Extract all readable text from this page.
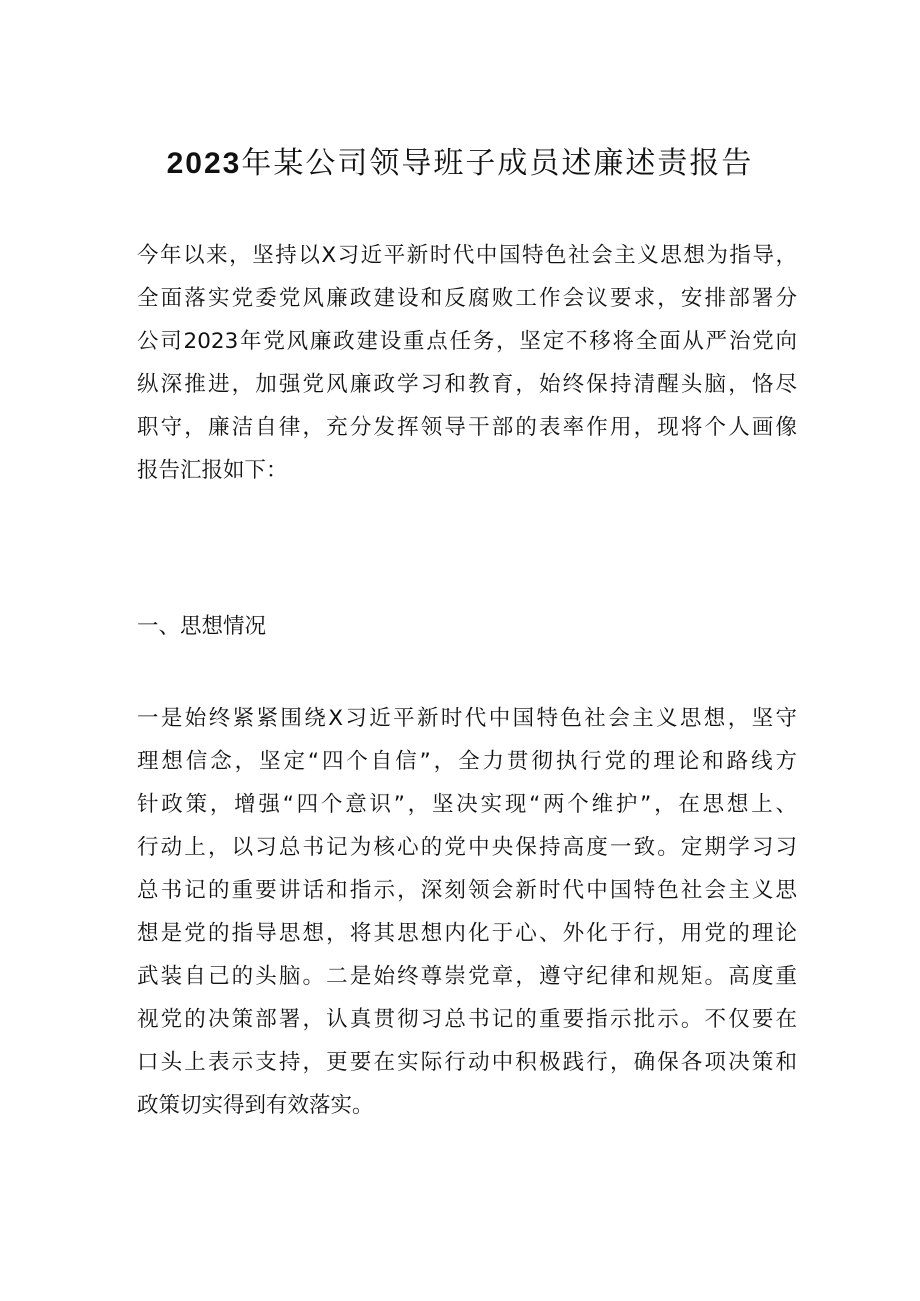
2023年某公司领导班子成员述廉述责报告
今年以来，坚持以X习近平新时代中国特色社会主义思想为指导，
全面落实党委党风廉政建设和反腐败工作会议要求，安排部署分
公司2023年党风廉政建设重点任务，坚定不移将全面从严治党向
纵深推进，加强党风廉政学习和教育，始终保持清醒头脑，恪尽
职守，廉洁自律，充分发挥领导干部的表率作用，现将个人画像
报告汇报如下：
一、思想情况
一是始终紧紧围绕X习近平新时代中国特色社会主义思想，坚守
理想信念，坚定“四个自信”，全力贯彻执行党的理论和路线方
针政策，增强“四个意识”，坚决实现“两个维护”，在思想上、
行动上，以习总书记为核心的党中央保持高度一致。定期学习习
总书记的重要讲话和指示，深刻领会新时代中国特色社会主义思
想是党的指导思想，将其思想内化于心、外化于行，用党的理论
武装自己的头脑。二是始终尊崇党章，遵守纪律和规矩。高度重
视党的决策部署，认真贯彻习总书记的重要指示批示。不仅要在
口头上表示支持，更要在实际行动中积极践行，确保各项决策和
政策切实得到有效落实。
